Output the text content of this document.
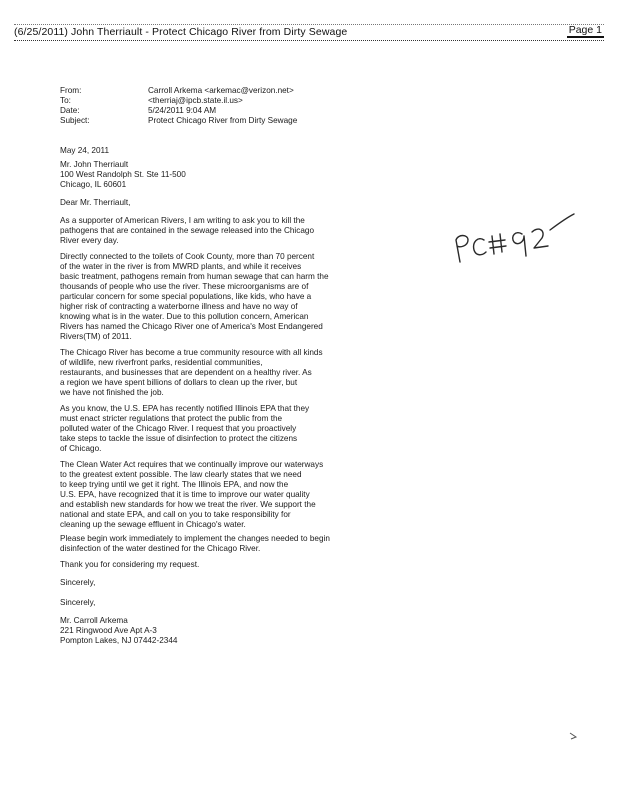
(6/25/2011) John Therriault - Protect Chicago River from Dirty Sewage	Page 1
From:	Carroll Arkema <arkemac@verizon.net>
To:	<therriaj@ipcb.state.il.us>
Date:	5/24/2011 9:04 AM
Subject:	Protect Chicago River from Dirty Sewage
May 24, 2011
Mr. John Therriault
100 West Randolph St. Ste 11-500
Chicago, IL 60601
Dear Mr. Therriault,
As a supporter of American Rivers, I am writing to ask you to kill the
pathogens that are contained in the sewage released into the Chicago
River every day.
Directly connected to the toilets of Cook County, more than 70 percent
of the water in the river is from MWRD plants, and while it receives
basic treatment, pathogens remain from human sewage that can harm the
thousands of people who use the river. These microorganisms are of
particular concern for some special populations, like kids, who have a
higher risk of contracting a waterborne illness and have no way of
knowing what is in the water. Due to this pollution concern, American
Rivers has named the Chicago River one of America's Most Endangered
Rivers(TM) of 2011.
The Chicago River has become a true community resource with all kinds
of wildlife, new riverfront parks, residential communities,
restaurants, and businesses that are dependent on a healthy river. As
a region we have spent billions of dollars to clean up the river, but
we have not finished the job.
As you know, the U.S. EPA has recently notified Illinois EPA that they
must enact stricter regulations that protect the public from the
polluted water of the Chicago River. I request that you proactively
take steps to tackle the issue of disinfection to protect the citizens
of Chicago.
The Clean Water Act requires that we continually improve our waterways
to the greatest extent possible. The law clearly states that we need
to keep trying until we get it right. The Illinois EPA, and now the
U.S. EPA, have recognized that it is time to improve our water quality
and establish new standards for how we treat the river. We support the
national and state EPA, and call on you to take responsibility for
cleaning up the sewage effluent in Chicago's water.
Please begin work immediately to implement the changes needed to begin
disinfection of the water destined for the Chicago River.
Thank you for considering my request.
Sincerely,
Sincerely,
Mr. Carroll Arkema
221 Ringwood Ave Apt A-3
Pompton Lakes, NJ 07442-2344
